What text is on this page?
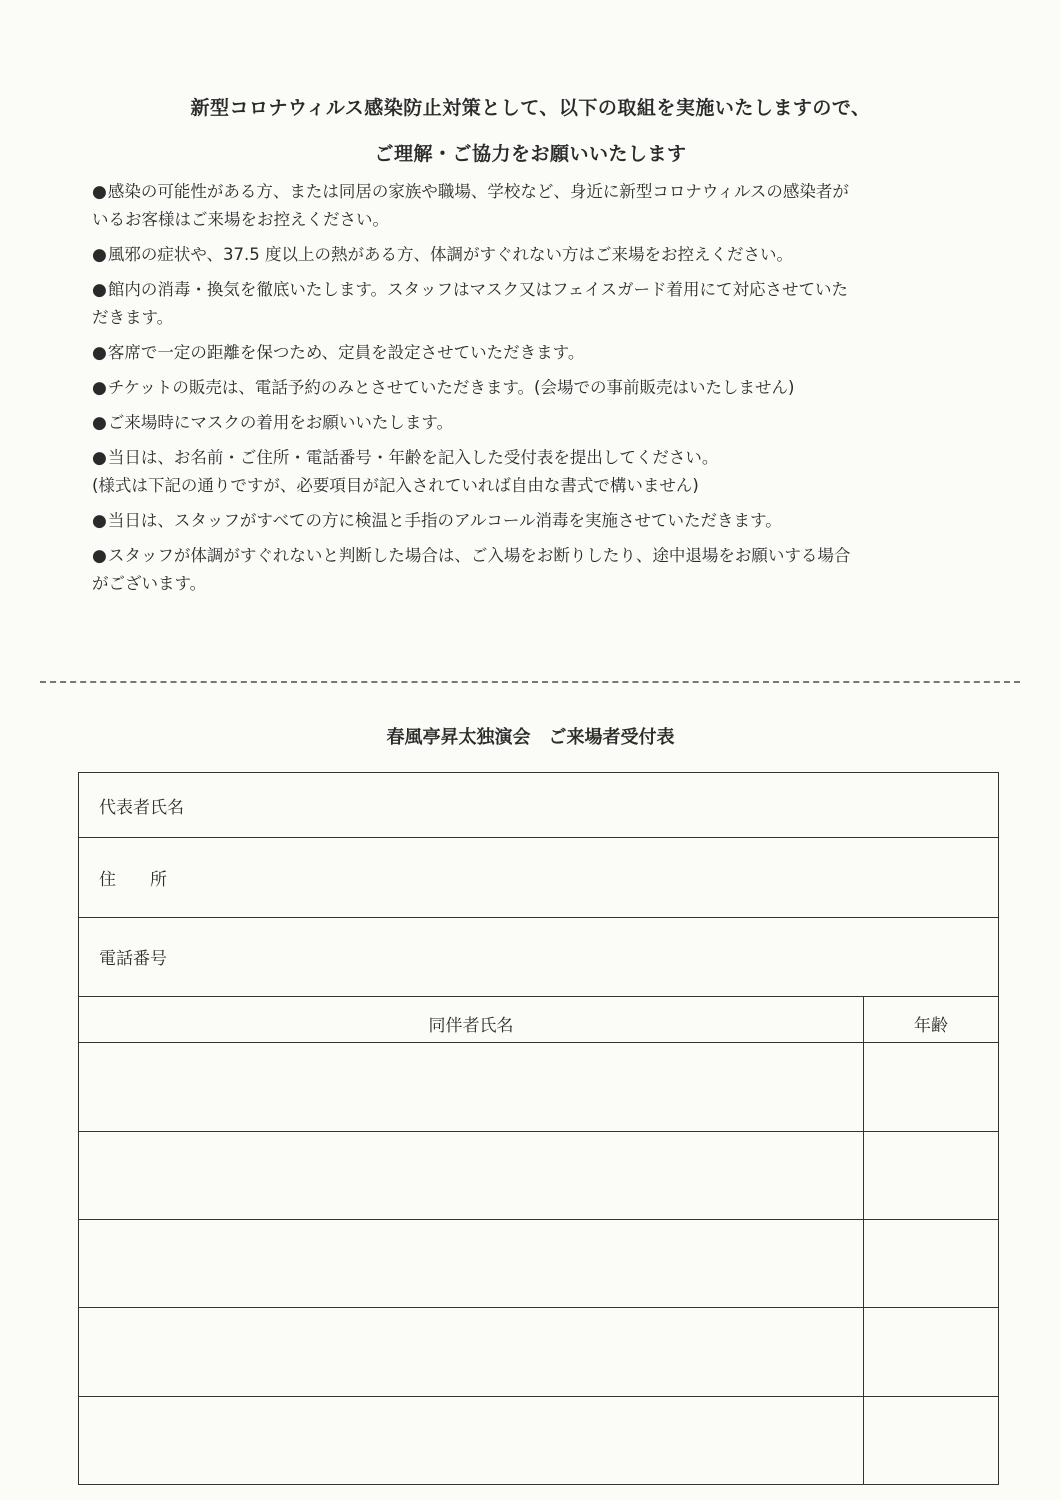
新型コロナウィルス感染防止対策として、以下の取組を実施いたしますので、
ご理解・ご協力をお願いいたします
●感染の可能性がある方、または同居の家族や職場、学校など、身近に新型コロナウィルスの感染者が
いるお客様はご来場をお控えください。
●風邪の症状や、37.5 度以上の熱がある方、体調がすぐれない方はご来場をお控えください。
●館内の消毒・換気を徹底いたします。スタッフはマスク又はフェイスガード着用にて対応させていた
だきます。
●客席で一定の距離を保つため、定員を設定させていただきます。
●チケットの販売は、電話予約のみとさせていただきます。(会場での事前販売はいたしません)
●ご来場時にマスクの着用をお願いいたします。
●当日は、お名前・ご住所・電話番号・年齢を記入した受付表を提出してください。
(様式は下記の通りですが、必要項目が記入されていれば自由な書式で構いません)
●当日は、スタッフがすべての方に検温と手指のアルコール消毒を実施させていただきます。
●スタッフが体調がすぐれないと判断した場合は、ご入場をお断りしたり、途中退場をお願いする場合
がございます。
春風亭昇太独演会　ご来場者受付表
代表者氏名	
住　　所	
電話番号	
同伴者氏名	年齢
